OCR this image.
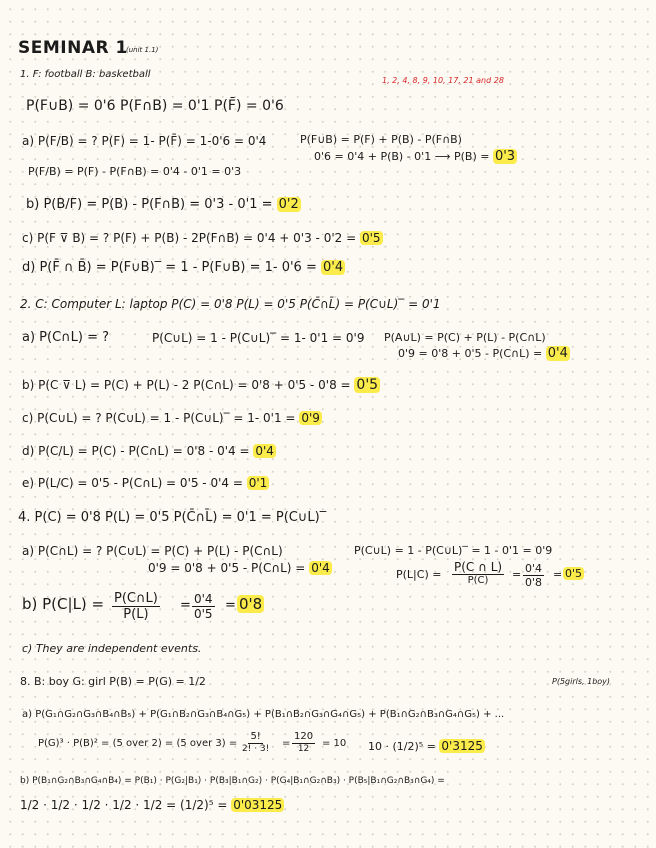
SEMINAR 1
(unit 1.1)
1, 2, 4, 8, 9, 10, 17, 21 and 28
1. F: football B: basketball
P(F∪B) = 0'6 P(F∩B) = 0'1 P(F̄) = 0'6
a) P(F/B) = ? P(F) = 1- P(F̄) = 1-0'6 = 0'4	P(F∪B) = P(F) + P(B) - P(F∩B)
0'6 = 0'4 + P(B) - 0'1 ⟶ P(B) = 0'3
P(F/B) = P(F) - P(F∩B) = 0'4 - 0'1 = 0'3
b) P(B/F) = P(B) - P(F∩B) = 0'3 - 0'1 = 0'2
c) P(F ⊽ B) = ? P(F) + P(B) - 2P(F∩B) = 0'4 + 0'3 - 0'2 = 0'5
d) P(F̄ ∩ B̄) = P(F∪B)‾ = 1 - P(F∪B) = 1- 0'6 = 0'4
2. C: Computer L: laptop P(C) = 0'8 P(L) = 0'5 P(C̄∩L̄) = P(C∪L)‾ = 0'1
a) P(C∩L) = ?	P(C∪L) = 1 - P(C∪L)‾ = 1- 0'1 = 0'9 P(A∪L) = P(C) + P(L) - P(C∩L)
0'9 = 0'8 + 0'5 - P(C∩L) = 0'4
b) P(C ⊽ L) = P(C) + P(L) - 2 P(C∩L) = 0'8 + 0'5 - 0'8 = 0'5
c) P(C∪L) = ? P(C∪L) = 1 - P(C∪L)‾ = 1- 0'1 = 0'9
d) P(C/L) = P(C) - P(C∩L) = 0'8 - 0'4 = 0'4
e) P(L/C) = 0'5 - P(C∩L) = 0'5 - 0'4 = 0'1
4. P(C) = 0'8 P(L) = 0'5 P(C̄∩L̄) = 0'1 = P(C∪L)‾
a) P(C∩L) = ? P(C∪L) = P(C) + P(L) - P(C∩L)	P(C∪L) = 1 - P(C∪L)‾ = 1 - 0'1 = 0'9
0'9 = 0'8 + 0'5 - P(C∩L) = 0'4	P(L|C) =
P(C ∩ L)
$P(C) = \frac{0'4}{0'8} = 0'5$
b) $P(C|L) = \frac{P(C\cap L)}{P(L)} = \frac{0'4}{0'5} = 0'8$
c) They are independent events.
8. B: boy G: girl P(B) = P(G) = 1/2	P(5girls, 1boy)
a) P(G₁∩G₂∩G₃∩B₄∩B₅) + P(G₁∩B₂∩G₃∩B₄∩G₅) + P(B₁∩B₂∩G₃∩G₄∩G₅) + P(B₁∩G₂∩B₃∩G₄∩G₅) + ...
P(G)³ · P(B)² = (5 over 2) = (5 over $3) = \frac{5!}{2! \cdot 3!} = \frac{120}{12} = 10$ 10 · (1/2)⁵ = 0'3125
b) P(B₁∩G₂∩B₃∩G₄∩B₄) = P(B₁) · P(G₂|B₁) · P(B₃|B₁∩G₂) · P(G₄|B₁∩G₂∩B₃) · P(B₅|B₁∩G₂∩B₃∩G₄) =
1/2 · 1/2 · 1/2 · 1/2 · 1/2 = (1/2)⁵ = 0'03125
